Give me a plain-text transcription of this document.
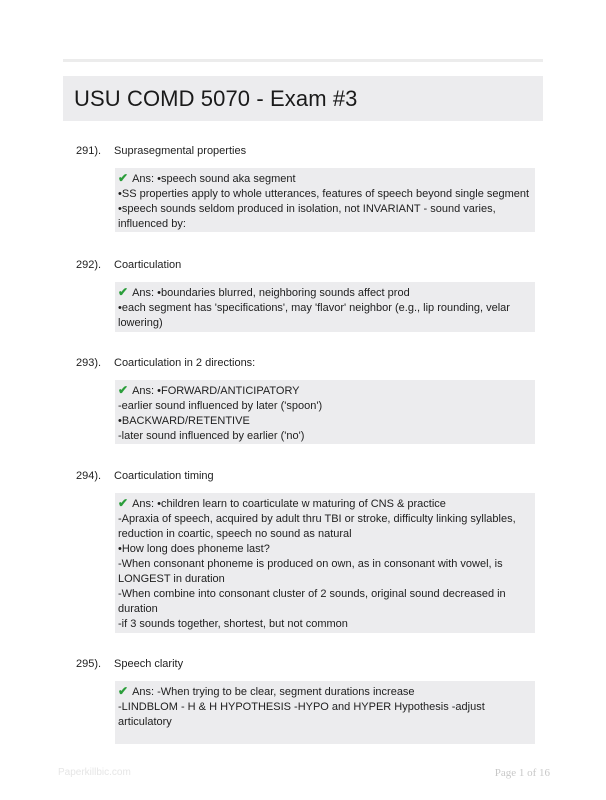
USU COMD 5070 - Exam #3
291). Suprasegmental properties
✔ Ans: •speech sound aka segment
•SS properties apply to whole utterances, features of speech beyond single segment
•speech sounds seldom produced in isolation, not INVARIANT - sound varies, influenced by:
292). Coarticulation
✔ Ans: •boundaries blurred, neighboring sounds affect prod
•each segment has 'specifications', may 'flavor' neighbor (e.g., lip rounding, velar lowering)
293). Coarticulation in 2 directions:
✔ Ans: •FORWARD/ANTICIPATORY
-earlier sound influenced by later ('spoon')
•BACKWARD/RETENTIVE
-later sound influenced by earlier ('no')
294). Coarticulation timing
✔ Ans: •children learn to coarticulate w maturing of CNS & practice
-Apraxia of speech, acquired by adult thru TBI or stroke, difficulty linking syllables, reduction in coartic, speech no sound as natural
•How long does phoneme last?
-When consonant phoneme is produced on own, as in consonant with vowel, is LONGEST in duration
-When combine into consonant cluster of 2 sounds, original sound decreased in duration
-if 3 sounds together, shortest, but not common
295). Speech clarity
✔ Ans: -When trying to be clear, segment durations increase
-LINDBLOM - H & H HYPOTHESIS -HYPO and HYPER Hypothesis -adjust articulatory
Paperkillbic.com	Page 1 of 16
